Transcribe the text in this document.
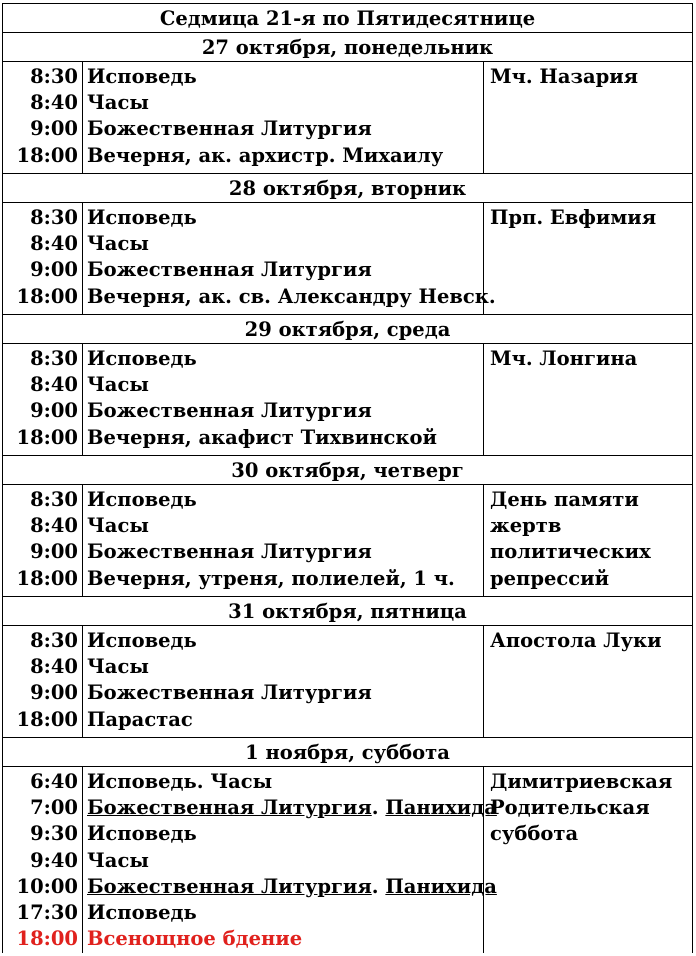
Седмица 21-я по Пятидесятнице
27 октября, понедельник
8:30
8:40
9:00
18:00
Исповедь
Часы
Божественная Литургия
Вечерня, ак. архистр. Михаилу
Мч. Назария
28 октября, вторник
8:30
8:40
9:00
18:00
Исповедь
Часы
Божественная Литургия
Вечерня, ак. св. Александру Невск.
Прп. Евфимия
29 октября, среда
8:30
8:40
9:00
18:00
Исповедь
Часы
Божественная Литургия
Вечерня, акафист Тихвинской
Мч. Лонгина
30 октября, четверг
8:30
8:40
9:00
18:00
Исповедь
Часы
Божественная Литургия
Вечерня, утреня, полиелей, 1 ч.
День памяти жертв политических репрессий
31 октября, пятница
8:30
8:40
9:00
18:00
Исповедь
Часы
Божественная Литургия
Парастас
Апостола Луки
1 ноября, суббота
6:40
7:00
9:30
9:40
10:00
17:30
18:00
Исповедь. Часы
Божественная Литургия. Панихида
Исповедь
Часы
Божественная Литургия. Панихида
Исповедь
Всенощное бдение
Димитриевская Родительская суббота
